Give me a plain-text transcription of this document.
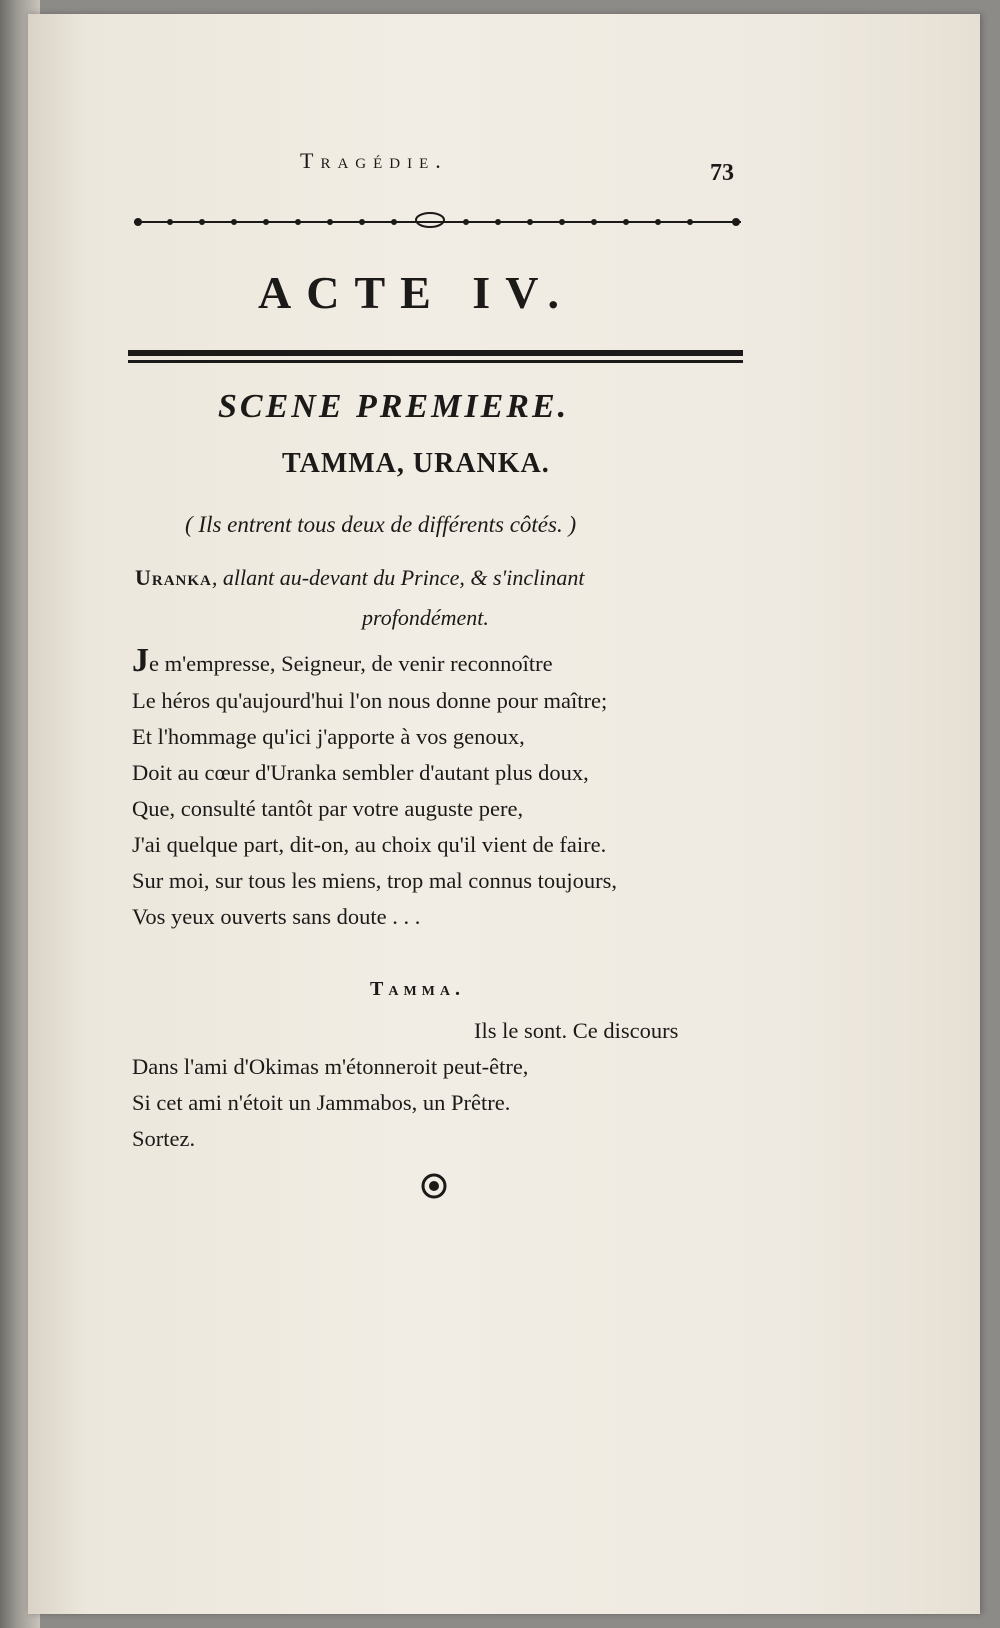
Tragédie.	73
ACTE IV.
SCENE PREMIERE.
TAMMA, URANKA.
( Ils entrent tous deux de différents côtés. )
Uranka, allant au-devant du Prince, & s'inclinant
profondément.
Je m'empresse, Seigneur, de venir reconnoître
Le héros qu'aujourd'hui l'on nous donne pour maître;
Et l'hommage qu'ici j'apporte à vos genoux,
Doit au cœur d'Uranka sembler d'autant plus doux,
Que, consulté tantôt par votre auguste pere,
J'ai quelque part, dit-on, au choix qu'il vient de faire.
Sur moi, sur tous les miens, trop mal connus toujours,
Vos yeux ouverts sans doute . . .
Tamma.
Ils le sont. Ce discours
Dans l'ami d'Okimas m'étonneroit peut-être,
Si cet ami n'étoit un Jammabos, un Prêtre.
Sortez.
